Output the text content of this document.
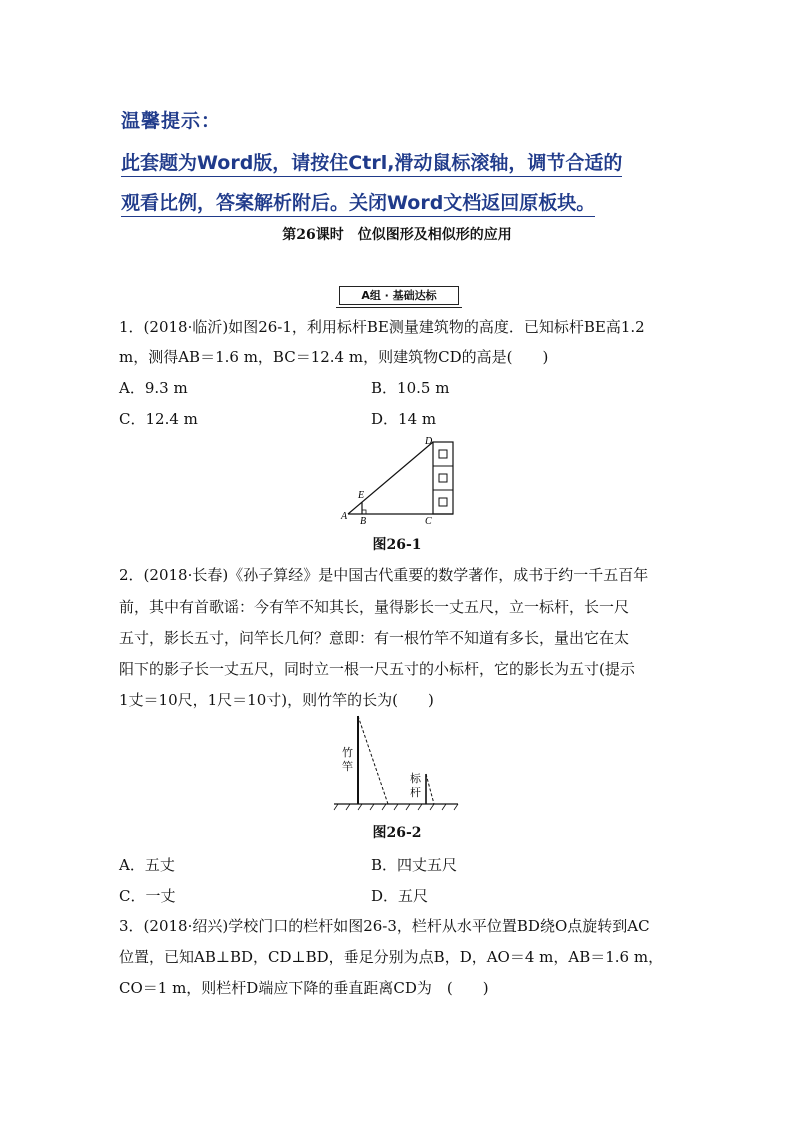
温馨提示：
此套题为Word版，请按住Ctrl,滑动鼠标滚轴，调节合适的
观看比例，答案解析附后。关闭Word文档返回原板块。
第26课时　位似图形及相似形的应用
A组 · 基础达标
1．(2018·临沂)如图26-1，利用标杆BE测量建筑物的高度．已知标杆BE高1.2
m，测得AB＝1.6 m，BC＝12.4 m，则建筑物CD的高是(　　)
A．9.3 m	B．10.5 m
C．12.4 m	D．14 m
A B
E
C
D
图26-1
2．(2018·长春)《孙子算经》是中国古代重要的数学著作，成书于约一千五百年
前，其中有首歌谣：今有竿不知其长，量得影长一丈五尺，立一标杆，长一尺
五寸，影长五寸，问竿长几何？意即：有一根竹竿不知道有多长，量出它在太
阳下的影子长一丈五尺，同时立一根一尺五寸的小标杆，它的影长为五寸(提示
1丈＝10尺，1尺＝10寸)，则竹竿的长为(　　)
竹
竿
标
杆
图26-2
A．五丈	B．四丈五尺
C．一丈	D．五尺
3．(2018·绍兴)学校门口的栏杆如图26-3，栏杆从水平位置BD绕O点旋转到AC
位置，已知AB⊥BD，CD⊥BD，垂足分别为点B，D，AO＝4 m，AB＝1.6 m，
CO＝1 m，则栏杆D端应下降的垂直距离CD为　(　　)
